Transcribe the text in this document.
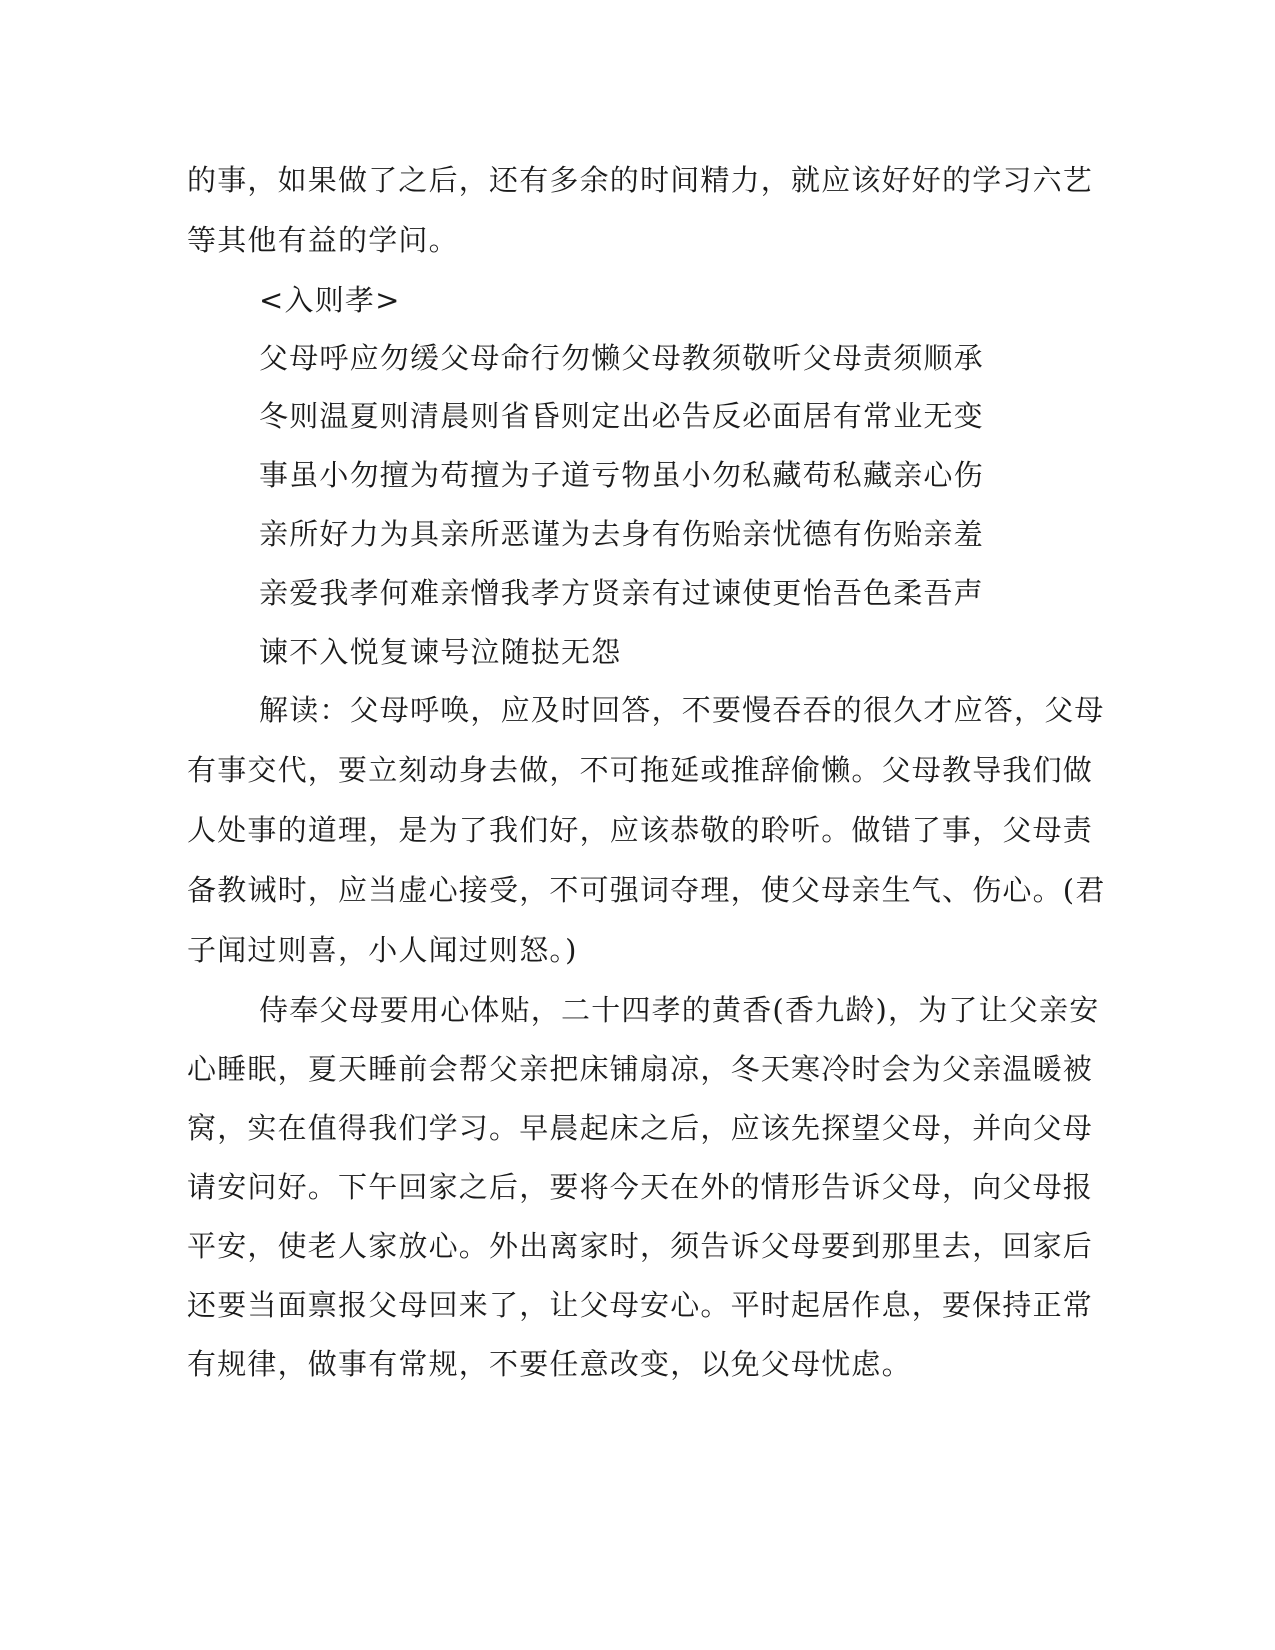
的事，如果做了之后，还有多余的时间精力，就应该好好的学习六艺
等其他有益的学问。
<入则孝>
父母呼应勿缓父母命行勿懒父母教须敬听父母责须顺承
冬则温夏则清晨则省昏则定出必告反必面居有常业无变
事虽小勿擅为苟擅为子道亏物虽小勿私藏苟私藏亲心伤
亲所好力为具亲所恶谨为去身有伤贻亲忧德有伤贻亲羞
亲爱我孝何难亲憎我孝方贤亲有过谏使更怡吾色柔吾声
谏不入悦复谏号泣随挞无怨
解读：父母呼唤，应及时回答，不要慢吞吞的很久才应答，父母
有事交代，要立刻动身去做，不可拖延或推辞偷懒。父母教导我们做
人处事的道理，是为了我们好，应该恭敬的聆听。做错了事，父母责
备教诫时，应当虚心接受，不可强词夺理，使父母亲生气、伤心。(君
子闻过则喜，小人闻过则怒。)
侍奉父母要用心体贴，二十四孝的黄香(香九龄)，为了让父亲安
心睡眠，夏天睡前会帮父亲把床铺扇凉，冬天寒冷时会为父亲温暖被
窝，实在值得我们学习。早晨起床之后，应该先探望父母，并向父母
请安问好。下午回家之后，要将今天在外的情形告诉父母，向父母报
平安，使老人家放心。外出离家时，须告诉父母要到那里去，回家后
还要当面禀报父母回来了，让父母安心。平时起居作息，要保持正常
有规律，做事有常规，不要任意改变，以免父母忧虑。
